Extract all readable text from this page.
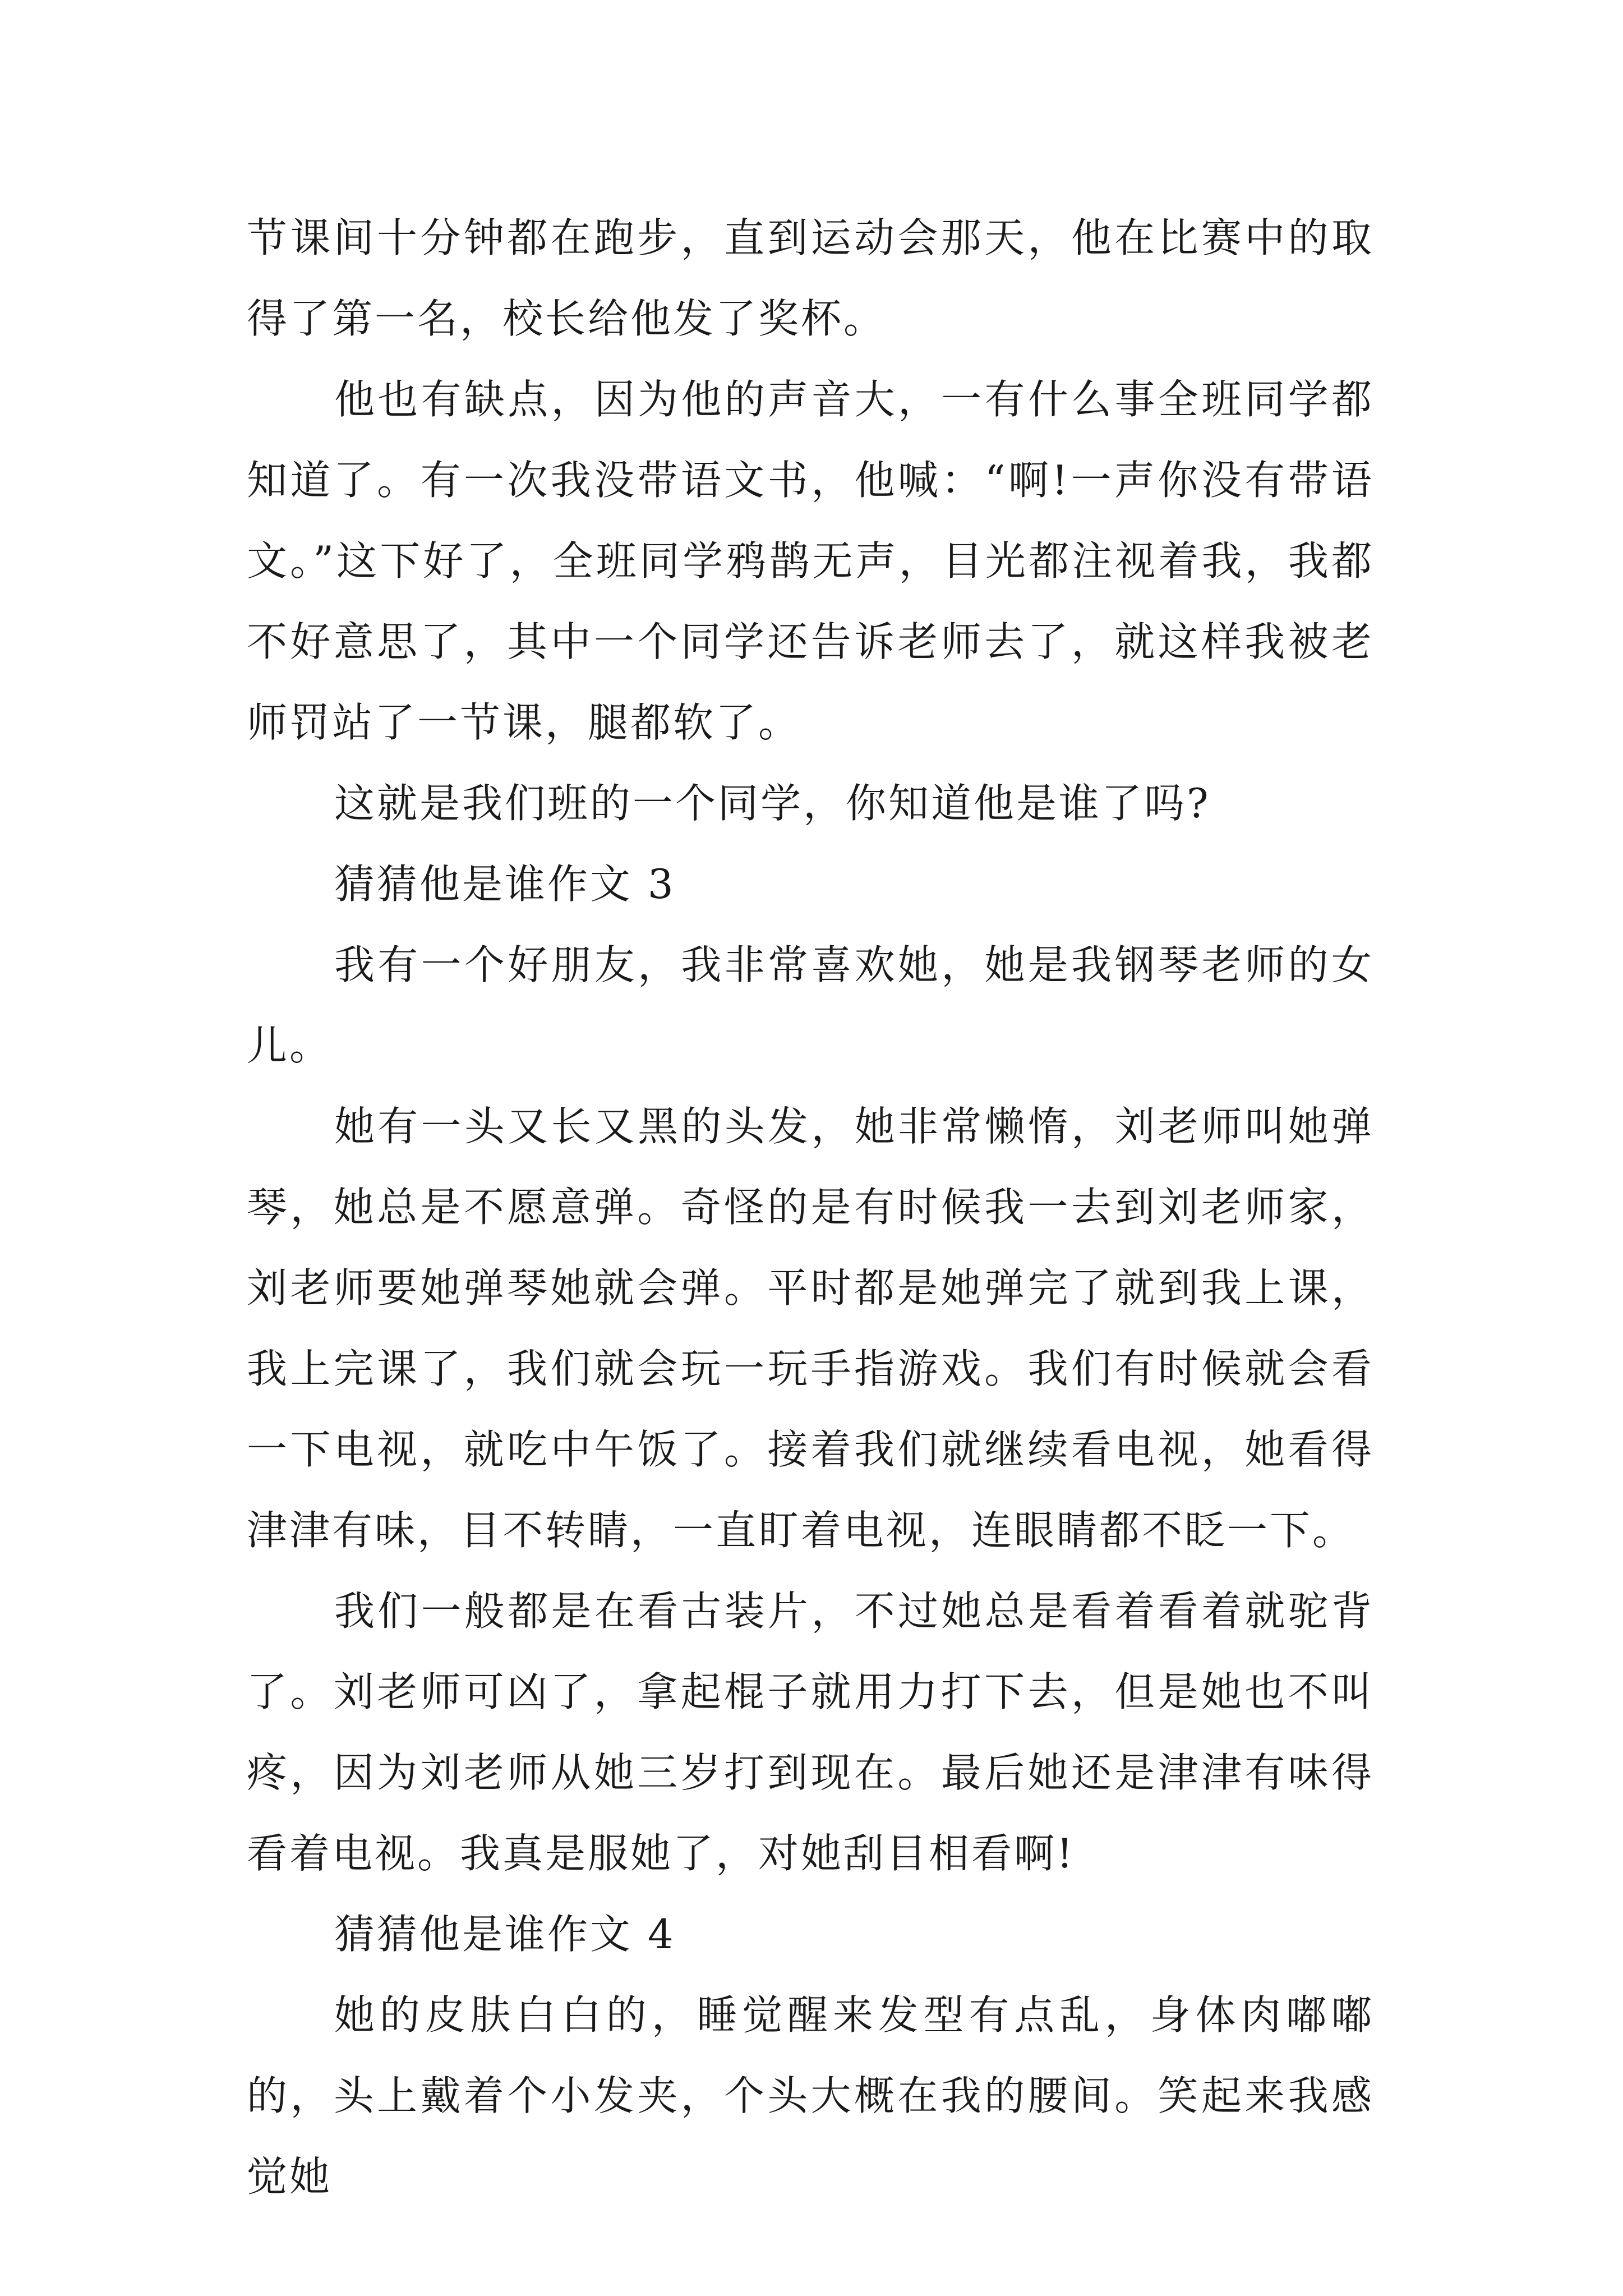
节课间十分钟都在跑步，直到运动会那天，他在比赛中的取得了第一名，校长给他发了奖杯。

他也有缺点，因为他的声音大，一有什么事全班同学都知道了。有一次我没带语文书，他喊：“啊!一声你没有带语文。”这下好了，全班同学鸦鹊无声，目光都注视着我，我都不好意思了，其中一个同学还告诉老师去了，就这样我被老师罚站了一节课，腿都软了。

这就是我们班的一个同学，你知道他是谁了吗?

猜猜他是谁作文 3

我有一个好朋友，我非常喜欢她，她是我钢琴老师的女儿。

她有一头又长又黑的头发，她非常懒惰，刘老师叫她弹琴，她总是不愿意弹。奇怪的是有时候我一去到刘老师家，刘老师要她弹琴她就会弹。平时都是她弹完了就到我上课，我上完课了，我们就会玩一玩手指游戏。我们有时候就会看一下电视，就吃中午饭了。接着我们就继续看电视，她看得津津有味，目不转睛，一直盯着电视，连眼睛都不眨一下。

我们一般都是在看古装片，不过她总是看着看着就驼背了。刘老师可凶了，拿起棍子就用力打下去，但是她也不叫疼，因为刘老师从她三岁打到现在。最后她还是津津有味得看着电视。我真是服她了，对她刮目相看啊!

猜猜他是谁作文 4

她的皮肤白白的，睡觉醒来发型有点乱，身体肉嘟嘟的，头上戴着个小发夹，个头大概在我的腰间。笑起来我感觉她
